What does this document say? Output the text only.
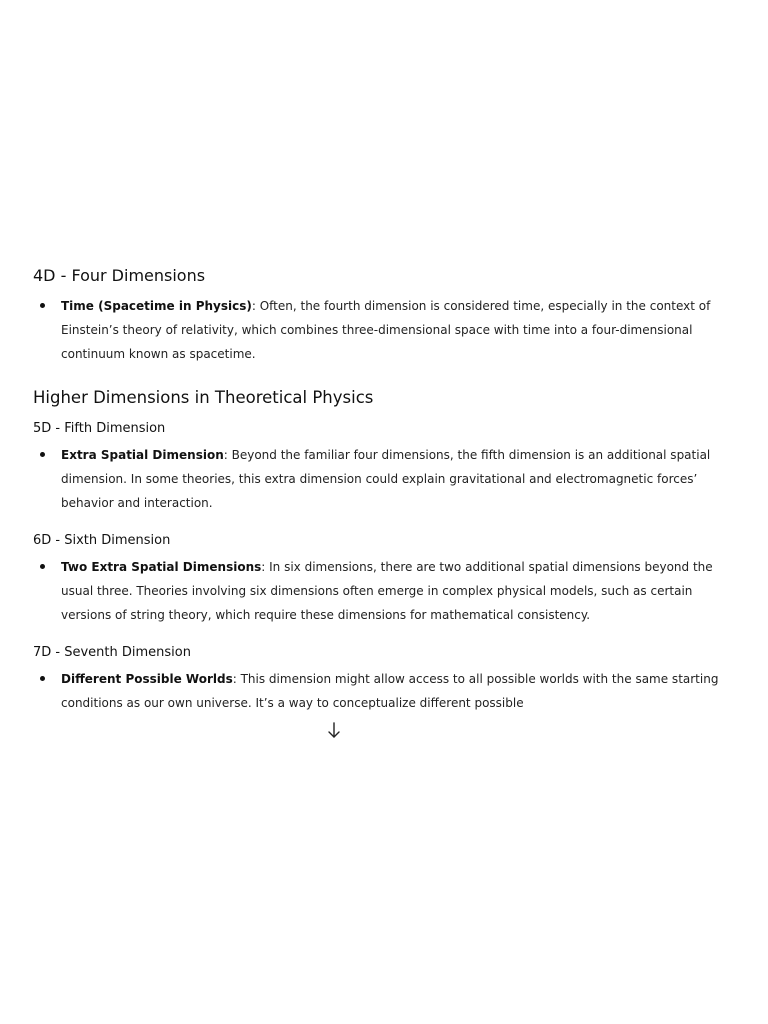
4D - Four Dimensions
Time (Spacetime in Physics): Often, the fourth dimension is considered time, especially in the context of Einstein’s theory of relativity, which combines three-dimensional space with time into a four-dimensional continuum known as spacetime.
Higher Dimensions in Theoretical Physics
5D - Fifth Dimension
Extra Spatial Dimension: Beyond the familiar four dimensions, the fifth dimension is an additional spatial dimension. In some theories, this extra dimension could explain gravitational and electromagnetic forces’ behavior and interaction.
6D - Sixth Dimension
Two Extra Spatial Dimensions: In six dimensions, there are two additional spatial dimensions beyond the usual three. Theories involving six dimensions often emerge in complex physical models, such as certain versions of string theory, which require these dimensions for mathematical consistency.
7D - Seventh Dimension
Different Possible Worlds: This dimension might allow access to all possible worlds with the same starting conditions as our own universe. It’s a way to conceptualize different possible
